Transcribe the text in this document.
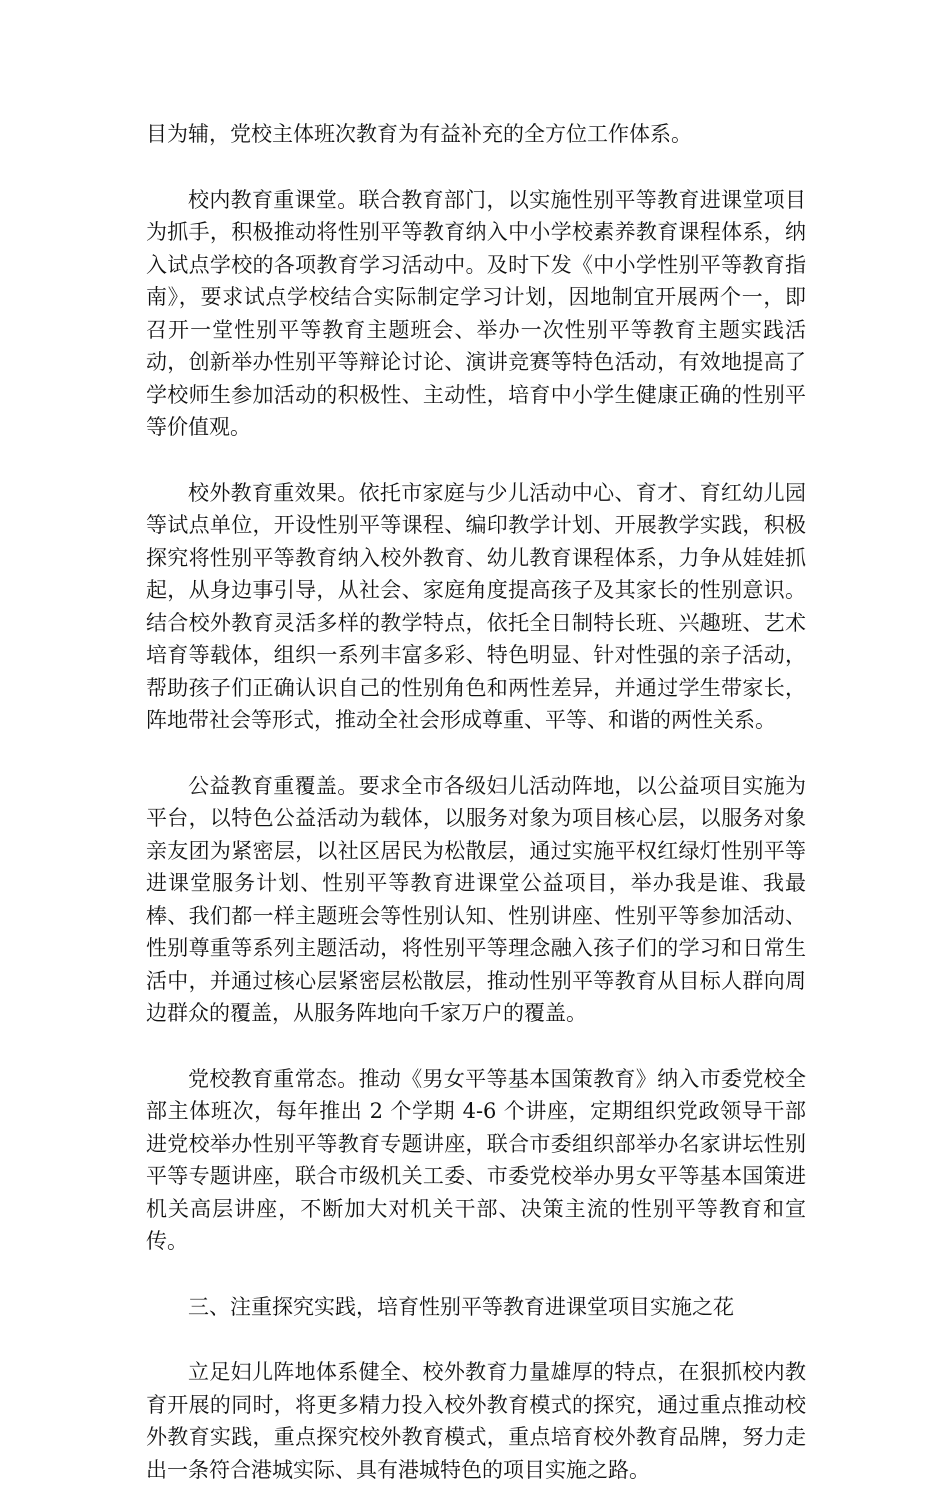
目为辅，党校主体班次教育为有益补充的全方位工作体系。

校内教育重课堂。联合教育部门，以实施性别平等教育进课堂项目为抓手，积极推动将性别平等教育纳入中小学校素养教育课程体系，纳入试点学校的各项教育学习活动中。及时下发《中小学性别平等教育指南》，要求试点学校结合实际制定学习计划，因地制宜开展两个一，即召开一堂性别平等教育主题班会、举办一次性别平等教育主题实践活动，创新举办性别平等辩论讨论、演讲竞赛等特色活动，有效地提高了学校师生参加活动的积极性、主动性，培育中小学生健康正确的性别平等价值观。

校外教育重效果。依托市家庭与少儿活动中心、育才、育红幼儿园等试点单位，开设性别平等课程、编印教学计划、开展教学实践，积极探究将性别平等教育纳入校外教育、幼儿教育课程体系，力争从娃娃抓起，从身边事引导，从社会、家庭角度提高孩子及其家长的性别意识。结合校外教育灵活多样的教学特点，依托全日制特长班、兴趣班、艺术培育等载体，组织一系列丰富多彩、特色明显、针对性强的亲子活动，帮助孩子们正确认识自己的性别角色和两性差异，并通过学生带家长，阵地带社会等形式，推动全社会形成尊重、平等、和谐的两性关系。

公益教育重覆盖。要求全市各级妇儿活动阵地，以公益项目实施为平台，以特色公益活动为载体，以服务对象为项目核心层，以服务对象亲友团为紧密层，以社区居民为松散层，通过实施平权红绿灯性别平等进课堂服务计划、性别平等教育进课堂公益项目，举办我是谁、我最棒、我们都一样主题班会等性别认知、性别讲座、性别平等参加活动、性别尊重等系列主题活动，将性别平等理念融入孩子们的学习和日常生活中，并通过核心层紧密层松散层，推动性别平等教育从目标人群向周边群众的覆盖，从服务阵地向千家万户的覆盖。

党校教育重常态。推动《男女平等基本国策教育》纳入市委党校全部主体班次，每年推出 2 个学期 4-6 个讲座，定期组织党政领导干部进党校举办性别平等教育专题讲座，联合市委组织部举办名家讲坛性别平等专题讲座，联合市级机关工委、市委党校举办男女平等基本国策进机关高层讲座，不断加大对机关干部、决策主流的性别平等教育和宣传。

三、注重探究实践，培育性别平等教育进课堂项目实施之花

立足妇儿阵地体系健全、校外教育力量雄厚的特点，在狠抓校内教育开展的同时，将更多精力投入校外教育模式的探究，通过重点推动校外教育实践，重点探究校外教育模式，重点培育校外教育品牌，努力走出一条符合港城实际、具有港城特色的项目实施之路。
